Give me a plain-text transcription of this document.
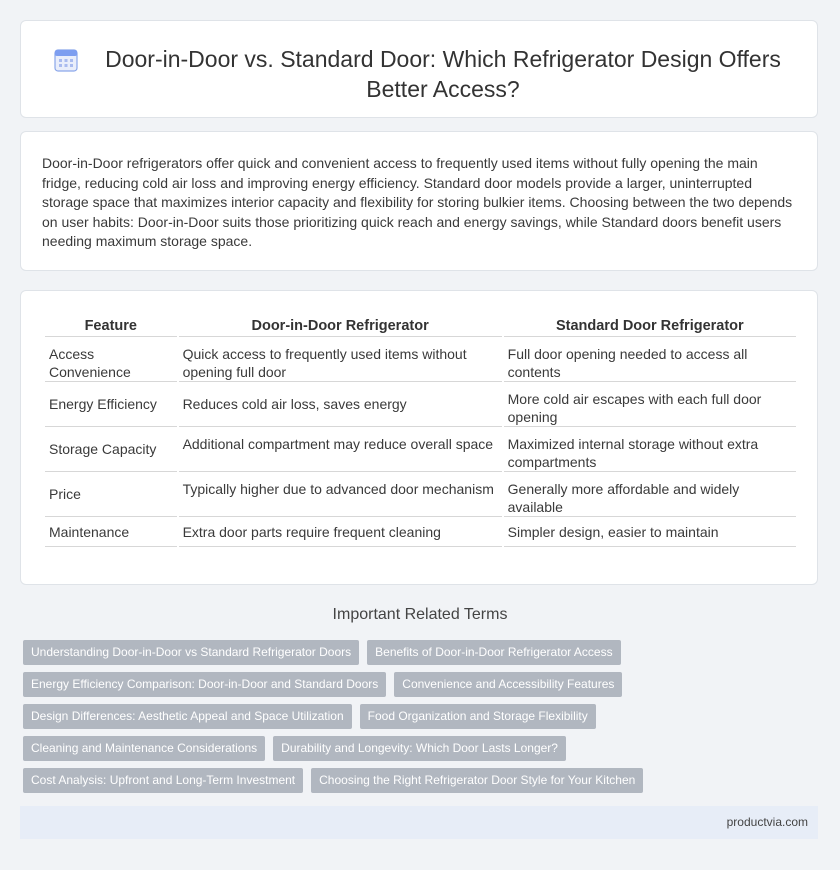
Door-in-Door vs. Standard Door: Which Refrigerator Design Offers Better Access?
Door-in-Door refrigerators offer quick and convenient access to frequently used items without fully opening the main fridge, reducing cold air loss and improving energy efficiency. Standard door models provide a larger, uninterrupted storage space that maximizes interior capacity and flexibility for storing bulkier items. Choosing between the two depends on user habits: Door-in-Door suits those prioritizing quick reach and energy savings, while Standard doors benefit users needing maximum storage space.
Feature	Door-in-Door Refrigerator	Standard Door Refrigerator
Access Convenience	Quick access to frequently used items without opening full door	Full door opening needed to access all contents
Energy Efficiency	Reduces cold air loss, saves energy	More cold air escapes with each full door opening
Storage Capacity	Additional compartment may reduce overall space	Maximized internal storage without extra compartments
Price	Typically higher due to advanced door mechanism	Generally more affordable and widely available
Maintenance	Extra door parts require frequent cleaning	Simpler design, easier to maintain
Important Related Terms
Understanding Door-in-Door vs Standard Refrigerator Doors	Benefits of Door-in-Door Refrigerator Access
Energy Efficiency Comparison: Door-in-Door and Standard Doors	Convenience and Accessibility Features
Design Differences: Aesthetic Appeal and Space Utilization	Food Organization and Storage Flexibility
Cleaning and Maintenance Considerations	Durability and Longevity: Which Door Lasts Longer?
Cost Analysis: Upfront and Long-Term Investment	Choosing the Right Refrigerator Door Style for Your Kitchen
productvia.com
